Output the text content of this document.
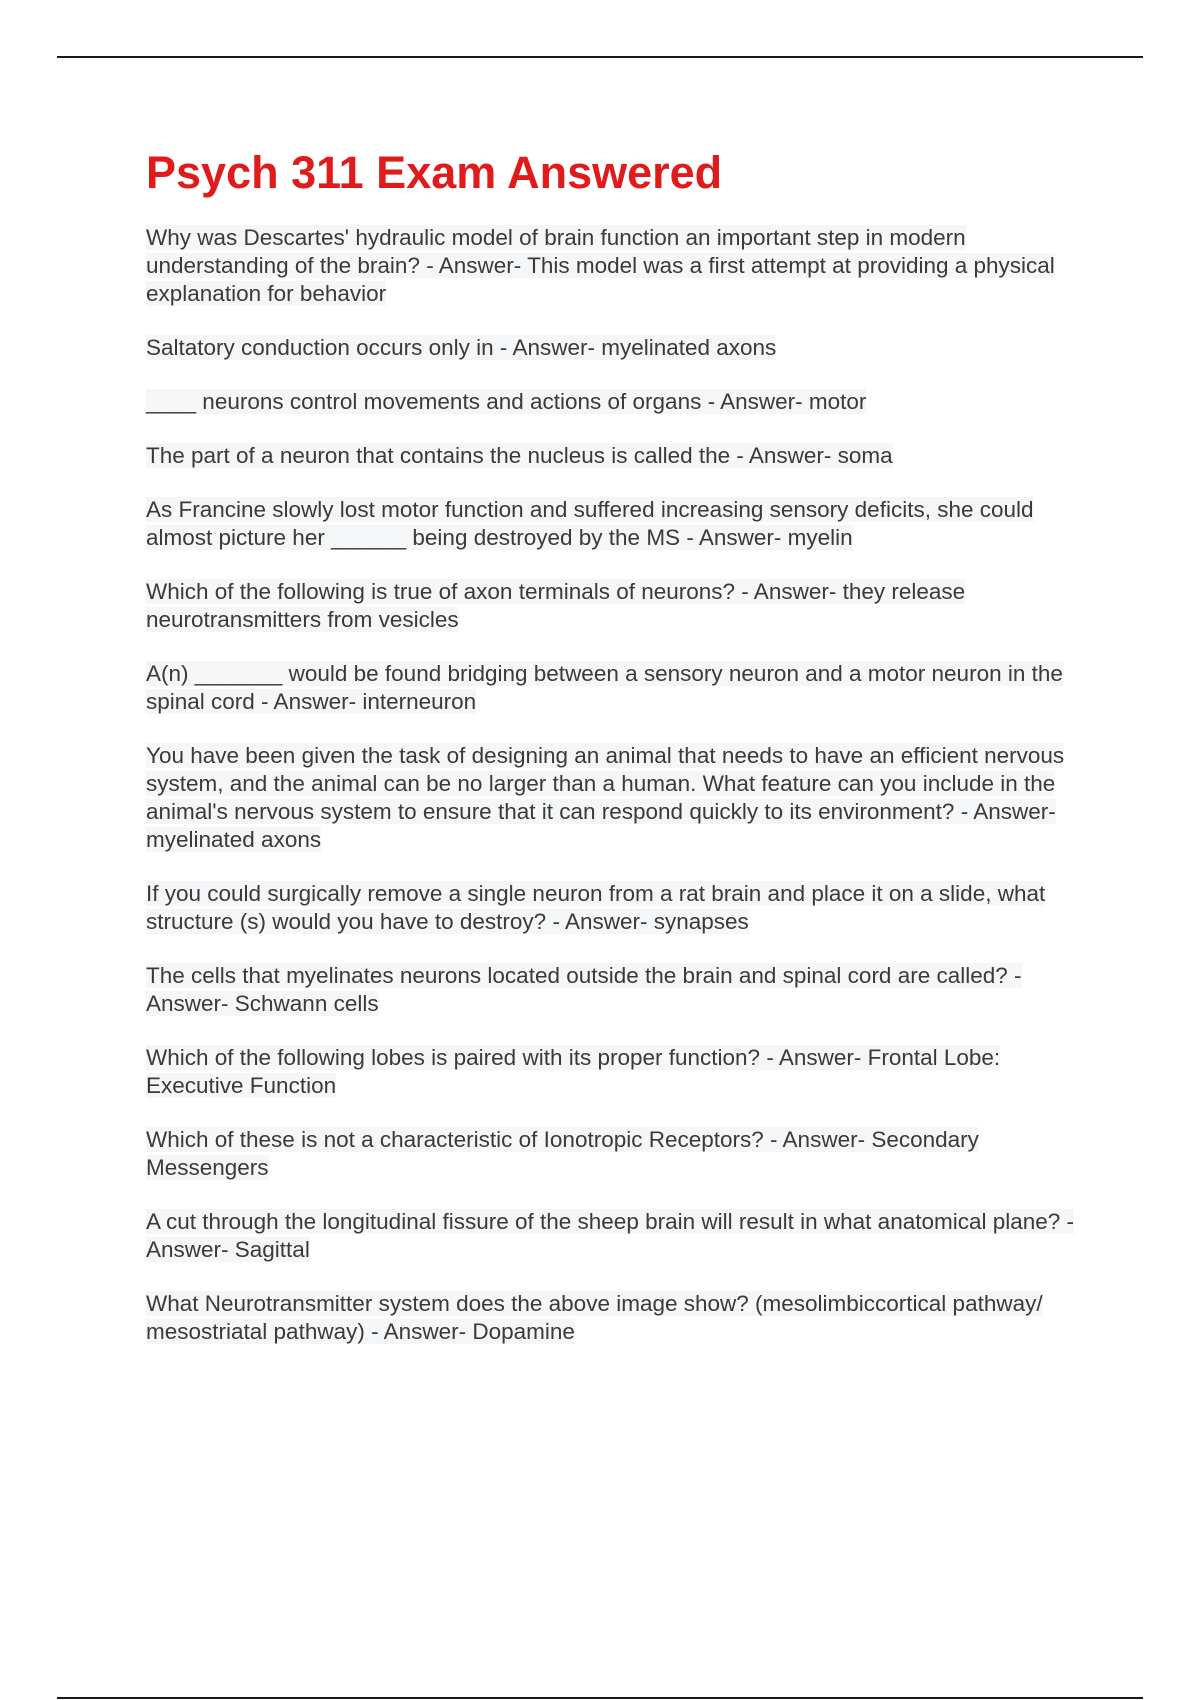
Psych 311 Exam Answered

Why was Descartes' hydraulic model of brain function an important step in modern understanding of the brain? - Answer- This model was a first attempt at providing a physical explanation for behavior

Saltatory conduction occurs only in - Answer- myelinated axons

____ neurons control movements and actions of organs - Answer- motor

The part of a neuron that contains the nucleus is called the - Answer- soma

As Francine slowly lost motor function and suffered increasing sensory deficits, she could almost picture her ______ being destroyed by the MS - Answer- myelin

Which of the following is true of axon terminals of neurons? - Answer- they release neurotransmitters from vesicles

A(n) _______ would be found bridging between a sensory neuron and a motor neuron in the spinal cord - Answer- interneuron

You have been given the task of designing an animal that needs to have an efficient nervous system, and the animal can be no larger than a human. What feature can you include in the animal's nervous system to ensure that it can respond quickly to its environment? - Answer- myelinated axons

If you could surgically remove a single neuron from a rat brain and place it on a slide, what structure (s) would you have to destroy? - Answer- synapses

The cells that myelinates neurons located outside the brain and spinal cord are called? - Answer- Schwann cells

Which of the following lobes is paired with its proper function? - Answer- Frontal Lobe: Executive Function

Which of these is not a characteristic of Ionotropic Receptors? - Answer- Secondary Messengers

A cut through the longitudinal fissure of the sheep brain will result in what anatomical plane? - Answer- Sagittal

What Neurotransmitter system does the above image show? (mesolimbiccortical pathway/ mesostriatal pathway) - Answer- Dopamine
